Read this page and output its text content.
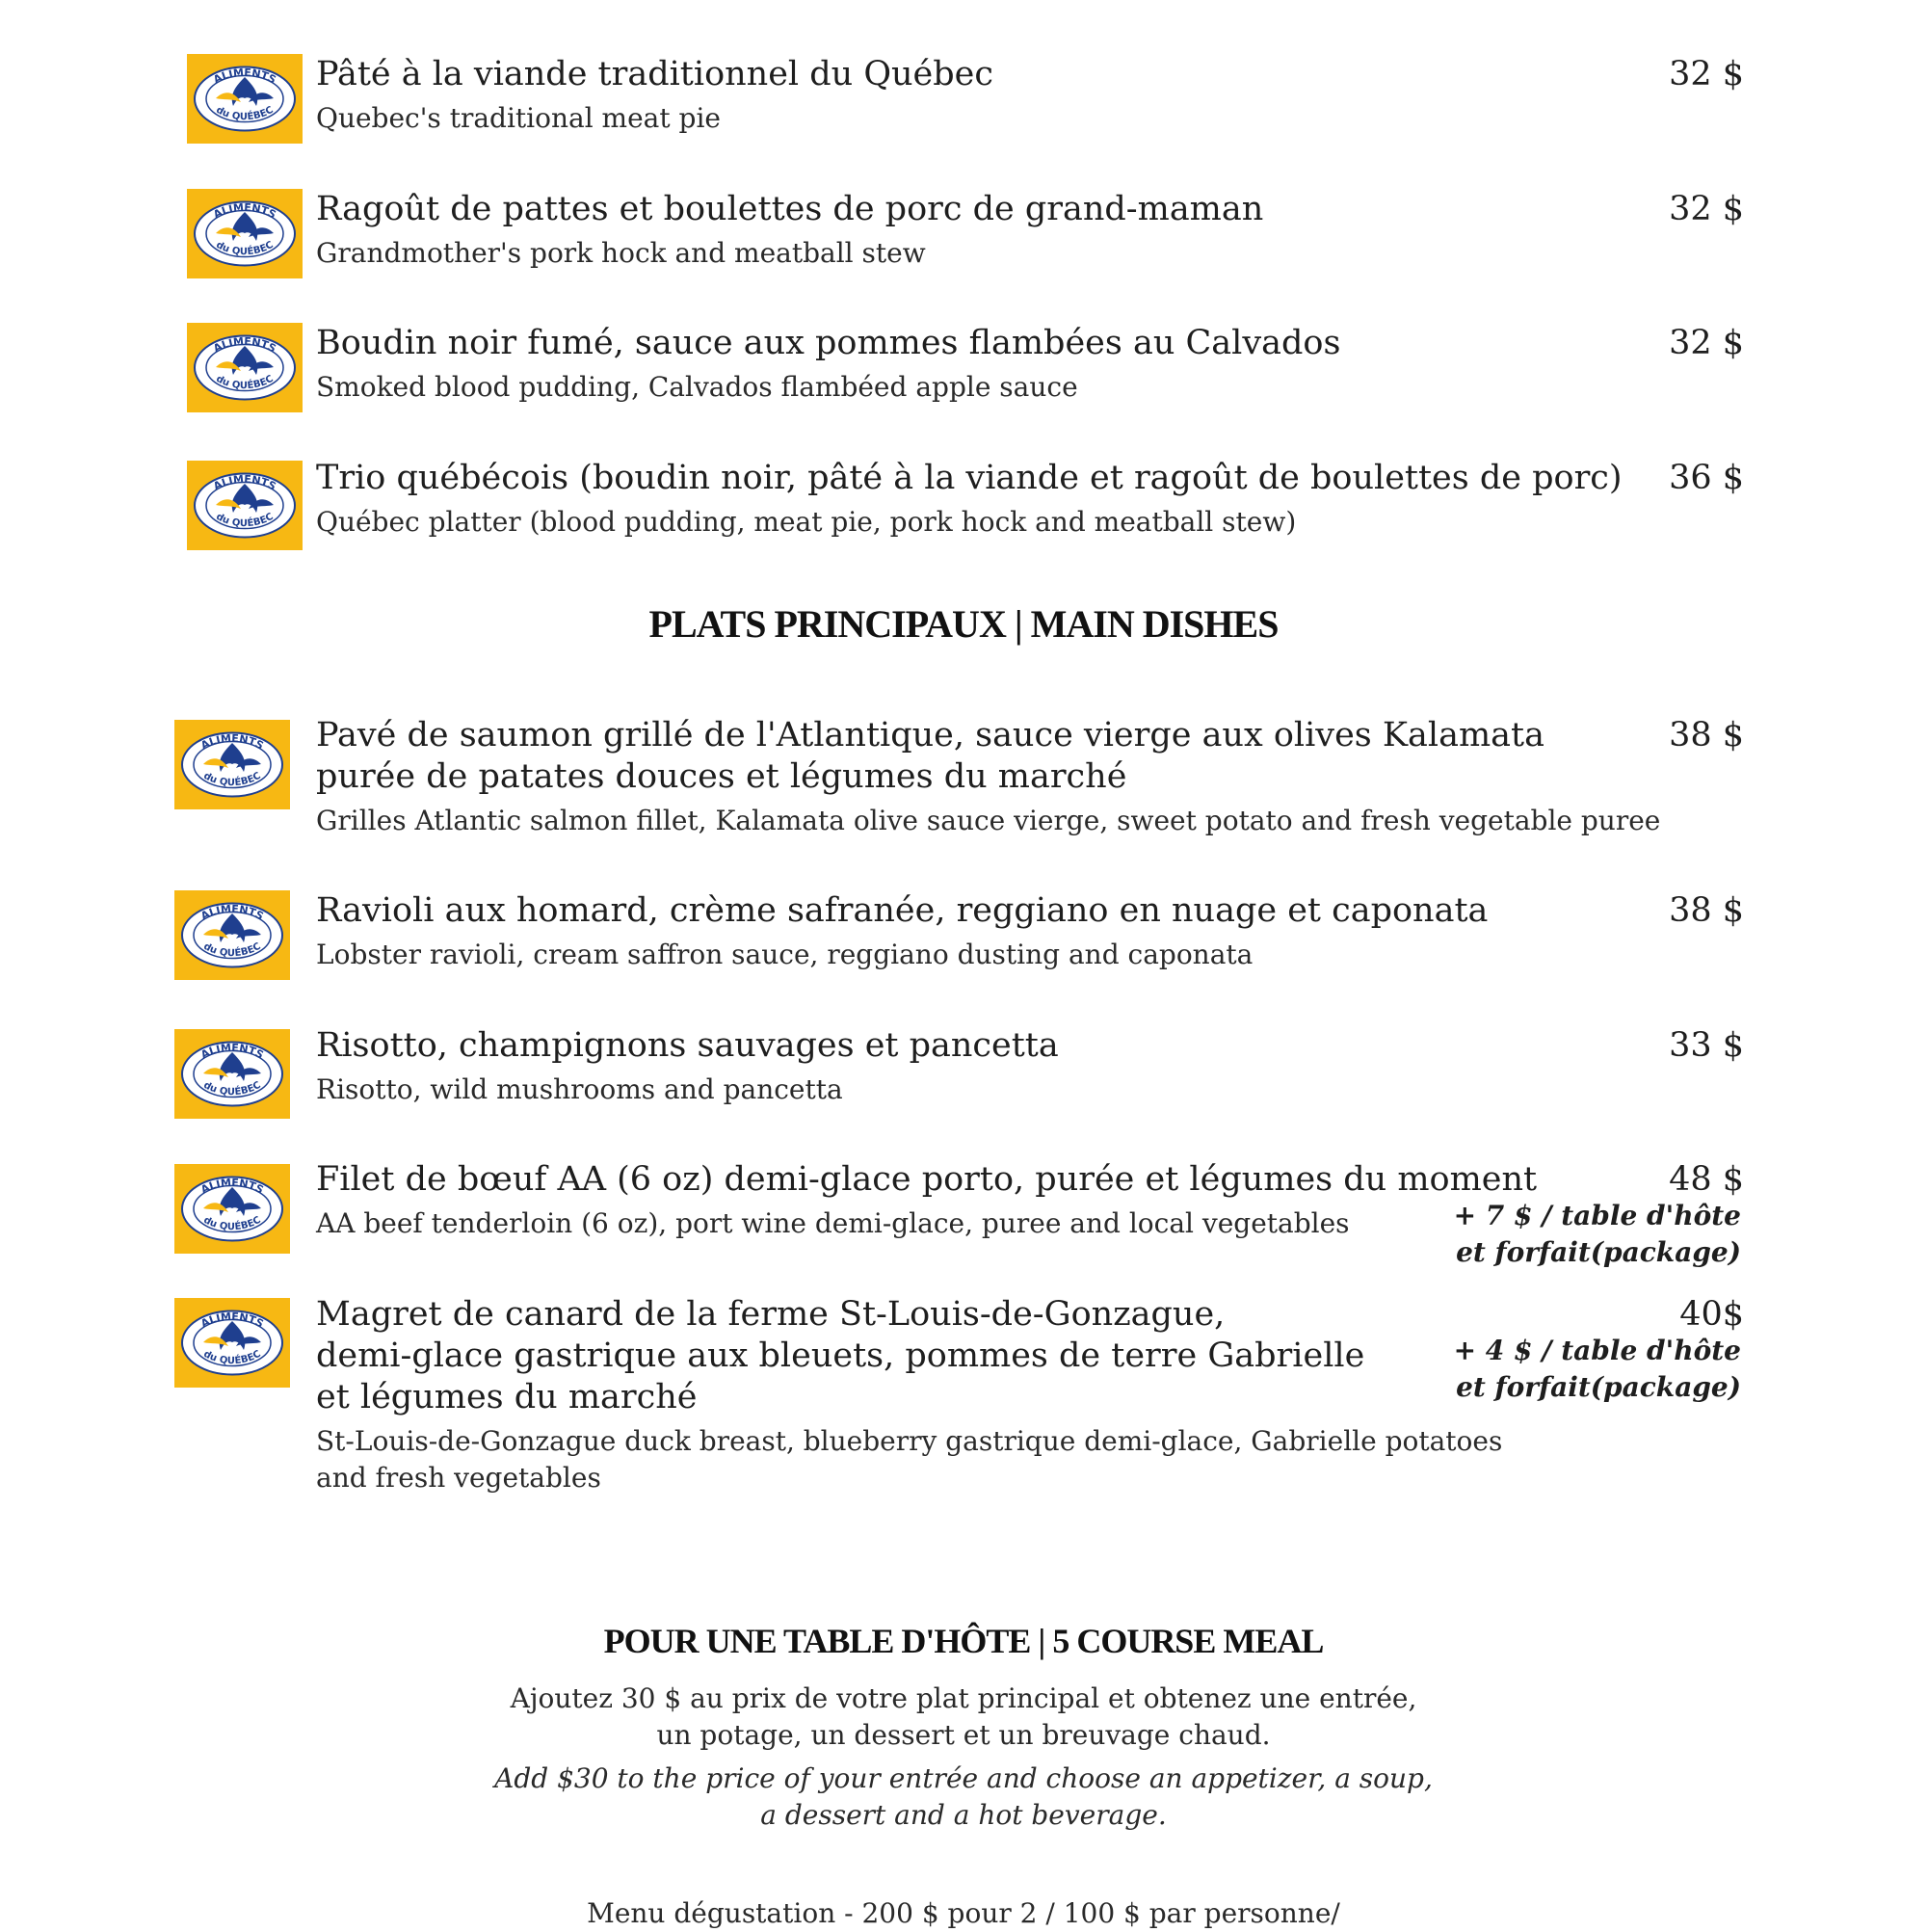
ALIMENTS
du QUÉBEC
Pâté à la viande traditionnel du Québec
Quebec's traditional meat pie
32 $
ALIMENTS
du QUÉBEC
Ragoût de pattes et boulettes de porc de grand-maman
Grandmother's pork hock and meatball stew
32 $
ALIMENTS
du QUÉBEC
Boudin noir fumé, sauce aux pommes flambées au Calvados
Smoked blood pudding, Calvados flambéed apple sauce
32 $
ALIMENTS
du QUÉBEC
Trio québécois (boudin noir, pâté à la viande et ragoût de boulettes de porc)
Québec platter (blood pudding, meat pie, pork hock and meatball stew)
36 $
PLATS PRINCIPAUX | MAIN DISHES
ALIMENTS
du QUÉBEC
Pavé de saumon grillé de l'Atlantique, sauce vierge aux olives Kalamata
purée de patates douces et légumes du marché
Grilles Atlantic salmon fillet, Kalamata olive sauce vierge, sweet potato and fresh vegetable puree
38 $
ALIMENTS
du QUÉBEC
Ravioli aux homard, crème safranée, reggiano en nuage et caponata
Lobster ravioli, cream saffron sauce, reggiano dusting and caponata
38 $
ALIMENTS
du QUÉBEC
Risotto, champignons sauvages et pancetta
Risotto, wild mushrooms and pancetta
33 $
ALIMENTS
du QUÉBEC
Filet de bœuf AA (6 oz) demi-glace porto, purée et légumes du moment
AA beef tenderloin (6 oz), port wine demi-glace, puree and local vegetables
48 $
+ 7 $ / table d'hôte
et forfait(package)
ALIMENTS
du QUÉBEC
Magret de canard de la ferme St-Louis-de-Gonzague,
demi-glace gastrique aux bleuets, pommes de terre Gabrielle
et légumes du marché
St-Louis-de-Gonzague duck breast, blueberry gastrique demi-glace, Gabrielle potatoes
and fresh vegetables
40$
+ 4 $ / table d'hôte
et forfait(package)
POUR UNE TABLE D'HÔTE | 5 COURSE MEAL
Ajoutez 30 $ au prix de votre plat principal et obtenez une entrée,
un potage, un dessert et un breuvage chaud.
Add $30 to the price of your entrée and choose an appetizer, a soup,
a dessert and a hot beverage.
Menu dégustation - 200 $ pour 2 / 100 $ par personne/
